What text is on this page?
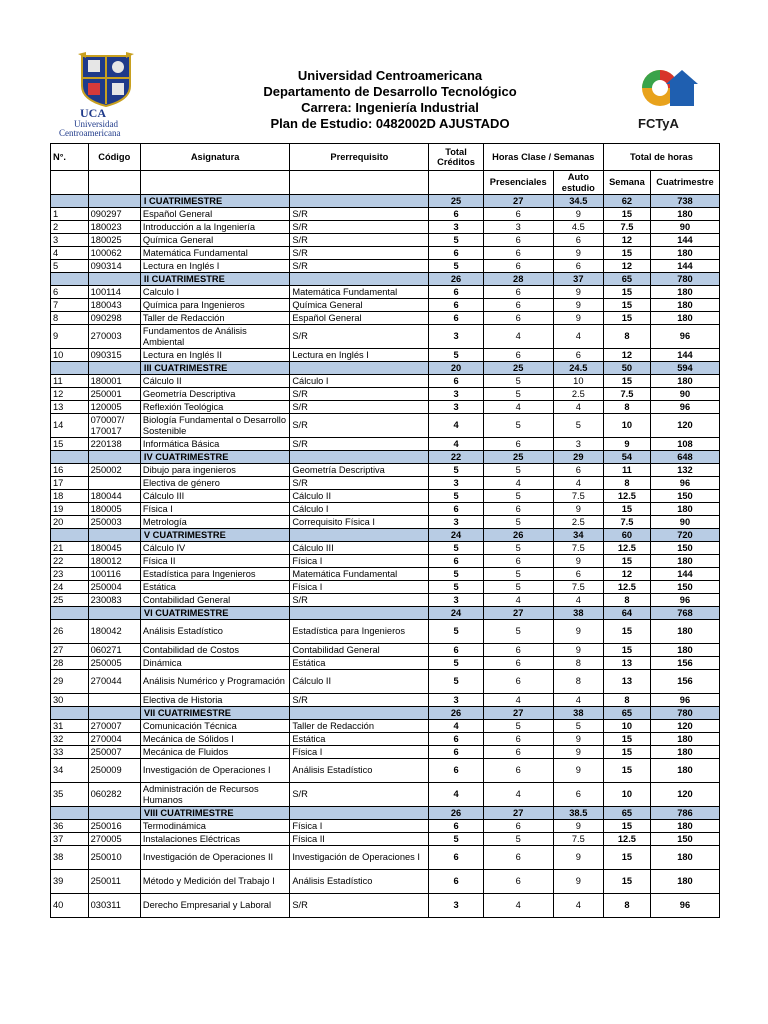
UCA
Universidad
Centroamericana
Universidad Centroamericana
Departamento de Desarrollo Tecnológico
Carrera: Ingeniería Industrial
Plan de Estudio: 0482002D AJUSTADO	FCTyA
N°.	Código	Asignatura	Prerrequisito	Total Créditos	Horas Clase / Semanas		Total de horas	
					Presenciales	Auto estudio	Semana	Cuatrimestre
		I CUATRIMESTRE		25	27	34.5	62	738
1	090297	Español General	S/R	6	6	9	15	180
2	180023	Introducción a la Ingeniería	S/R	3	3	4.5	7.5	90
3	180025	Química General	S/R	5	6	6	12	144
4	100062	Matemática Fundamental	S/R	6	6	9	15	180
5	090314	Lectura en Inglés I	S/R	5	6	6	12	144
		II CUATRIMESTRE		26	28	37	65	780
6	100114	Calculo I	Matemática Fundamental	6	6	9	15	180
7	180043	Química para Ingenieros	Química General	6	6	9	15	180
8	090298	Taller de Redacción	Español General	6	6	9	15	180
9	270003	Fundamentos de Análisis Ambiental	S/R	3	4	4	8	96
10	090315	Lectura en Inglés II	Lectura en Inglés I	5	6	6	12	144
		III CUATRIMESTRE		20	25	24.5	50	594
11	180001	Cálculo II	Cálculo I	6	5	10	15	180
12	250001	Geometría Descriptiva	S/R	3	5	2.5	7.5	90
13	120005	Reflexión Teológica	S/R	3	4	4	8	96
14	070007/ 170017	Biología Fundamental o Desarrollo Sostenible	S/R	4	5	5	10	120
15	220138	Informática Básica	S/R	4	6	3	9	108
		IV CUATRIMESTRE		22	25	29	54	648
16	250002	Dibujo para ingenieros	Geometría Descriptiva	5	5	6	11	132
17		Electiva de género	S/R	3	4	4	8	96
18	180044	Cálculo III	Cálculo II	5	5	7.5	12.5	150
19	180005	Física I	Cálculo I	6	6	9	15	180
20	250003	Metrología	Correquisito Física I	3	5	2.5	7.5	90
		V CUATRIMESTRE		24	26	34	60	720
21	180045	Cálculo IV	Cálculo III	5	5	7.5	12.5	150
22	180012	Física II	Física I	6	6	9	15	180
23	100116	Estadística para Ingenieros	Matemática Fundamental	5	5	6	12	144
24	250004	Estática	Física I	5	5	7.5	12.5	150
25	230083	Contabilidad General	S/R	3	4	4	8	96
		VI CUATRIMESTRE		24	27	38	64	768
26	180042	Análisis Estadístico	Estadística para Ingenieros	5	5	9	15	180
27	060271	Contabilidad de Costos	Contabilidad General	6	6	9	15	180
28	250005	Dinámica	Estática	5	6	8	13	156
29	270044	Análisis Numérico y Programación	Cálculo II	5	6	8	13	156
30		Electiva de Historia	S/R	3	4	4	8	96
		VII CUATRIMESTRE		26	27	38	65	780
31	270007	Comunicación Técnica	Taller de Redacción	4	5	5	10	120
32	270004	Mecánica de Sólidos I	Estática	6	6	9	15	180
33	250007	Mecánica de Fluidos	Física I	6	6	9	15	180
34	250009	Investigación de Operaciones I	Análisis Estadístico	6	6	9	15	180
35	060282	Administración de Recursos Humanos	S/R	4	4	6	10	120
		VIII CUATRIMESTRE		26	27	38.5	65	786
36	250016	Termodinámica	Física I	6	6	9	15	180
37	270005	Instalaciones Eléctricas	Física II	5	5	7.5	12.5	150
38	250010	Investigación de Operaciones II	Investigación de Operaciones I	6	6	9	15	180
39	250011	Método y Medición del Trabajo I	Análisis Estadístico	6	6	9	15	180
40	030311	Derecho Empresarial y Laboral	S/R	3	4	4	8	96
